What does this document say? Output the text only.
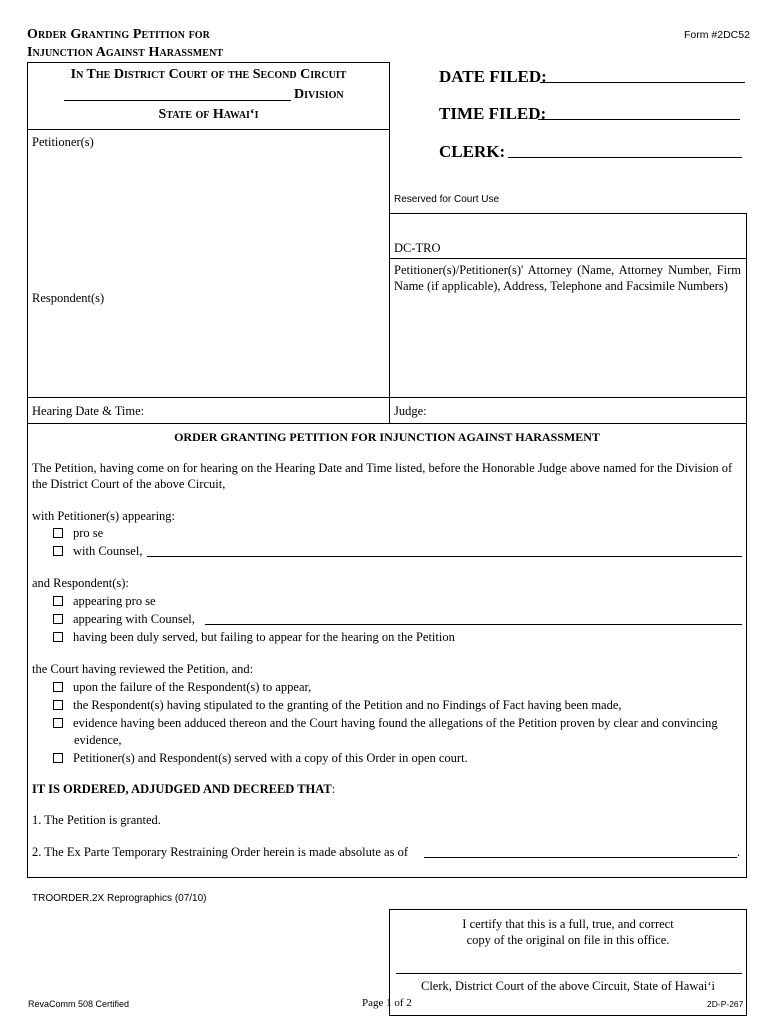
Order Granting Petition for
Injunction Against Harassment
Form #2DC52
In The District Court of the Second Circuit
Division
State of Hawai‘i
DATE FILED:
TIME FILED:
CLERK:
Reserved for Court Use
Petitioner(s)
Respondent(s)
DC-TRO
Petitioner(s)/Petitioner(s)' Attorney (Name, Attorney Number, Firm Name (if applicable), Address, Telephone and Facsimile Numbers)
Hearing Date & Time:	Judge:
ORDER GRANTING PETITION FOR INJUNCTION AGAINST HARASSMENT
The Petition, having come on for hearing on the Hearing Date and Time listed, before the Honorable Judge above named for the Division of the District Court of the above Circuit,
with Petitioner(s) appearing:
pro se
with Counsel,
and Respondent(s):
appearing pro se
appearing with Counsel,
having been duly served, but failing to appear for the hearing on the Petition
the Court having reviewed the Petition, and:
upon the failure of the Respondent(s) to appear,
the Respondent(s) having stipulated to the granting of the Petition and no Findings of Fact having been made,
evidence having been adduced thereon and the Court having found the allegations of the Petition proven by clear and convincing
evidence,
Petitioner(s) and Respondent(s) served with a copy of this Order in open court.
IT IS ORDERED, ADJUDGED AND DECREED THAT:
1. The Petition is granted.
2. The Ex Parte Temporary Restraining Order herein is made absolute as of	.
TROORDER.2X Reprographics (07/10)
I certify that this is a full, true, and correct
copy of the original on file in this office.
Clerk, District Court of the above Circuit, State of Hawai‘i
RevaComm 508 Certified	Page 1 of 2	2D-P-267
